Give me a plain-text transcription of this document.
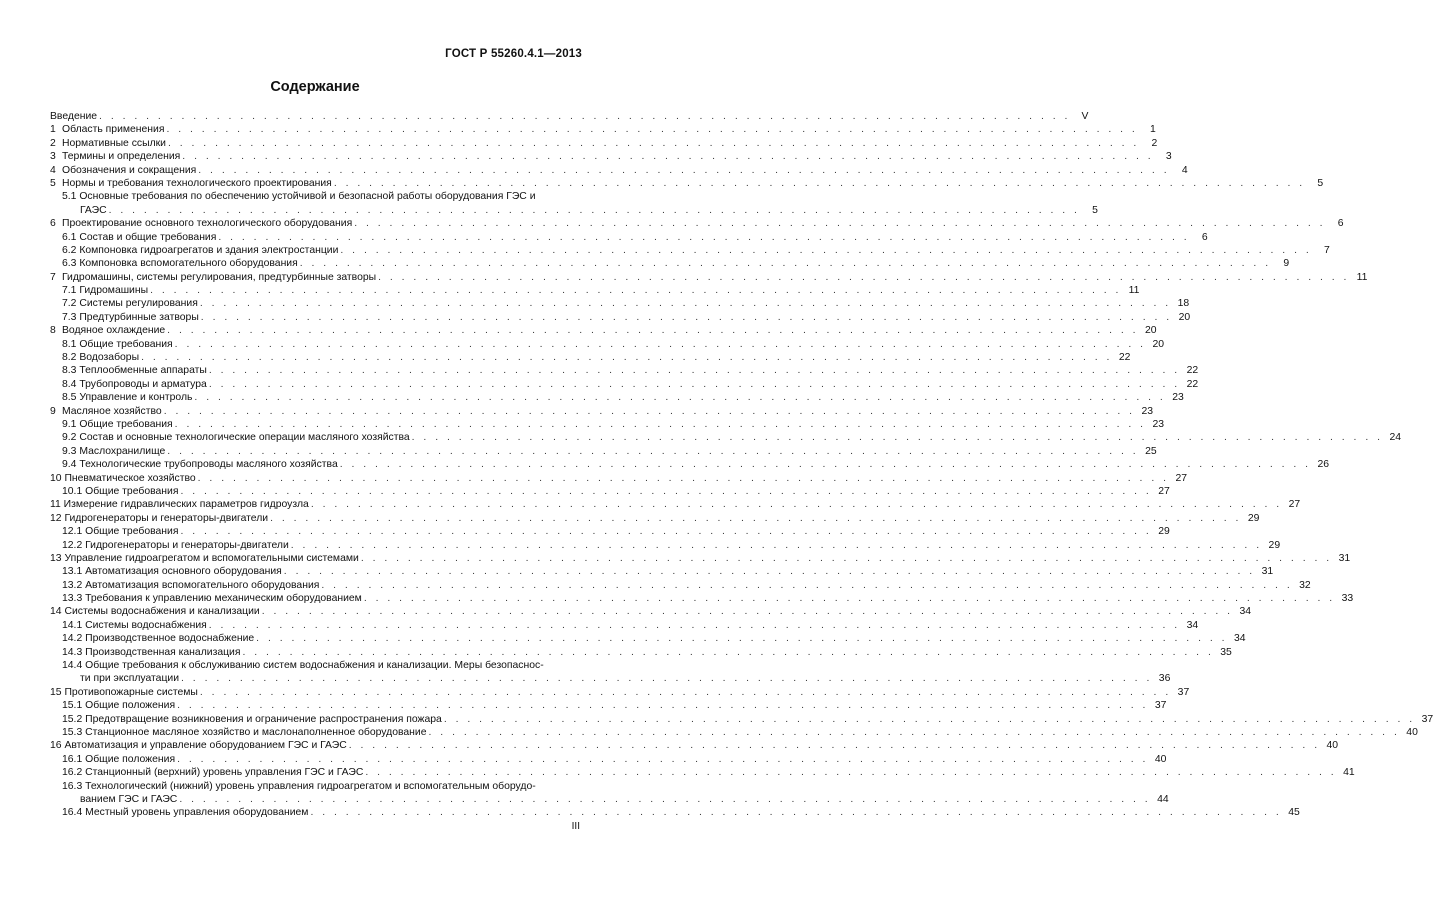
ГОСТ Р 55260.4.1—2013
Содержание
Введение . . . . . . . . . . . . . . . . . . . . . . . . . . . . . . . . . . . . . . . . . . . . . . . . . . . . . . . . . . . . . . . . . . . . . . . . . . . . . . . . . . .	V
1 Область применения . . . . . . . . . . . . . . . . . . . . . . . . . . . . . . . . . . . . . . . . . . . . . . . . . . . . . . . . . . . . . . . . . . . . . . . . . . . . . . . . . . .	1
2 Нормативные ссылки . . . . . . . . . . . . . . . . . . . . . . . . . . . . . . . . . . . . . . . . . . . . . . . . . . . . . . . . . . . . . . . . . . . . . . . . . . . . . . . . . . .	2
3 Термины и определения . . . . . . . . . . . . . . . . . . . . . . . . . . . . . . . . . . . . . . . . . . . . . . . . . . . . . . . . . . . . . . . . . . . . . . . . . . . . . . . . . . .	3
4 Обозначения и сокращения . . . . . . . . . . . . . . . . . . . . . . . . . . . . . . . . . . . . . . . . . . . . . . . . . . . . . . . . . . . . . . . . . . . . . . . . . . . . . . . . . . .	4
5 Нормы и требования технологического проектирования . . . . . . . . . . . . . . . . . . . . . . . . . . . . . . . . . . . . . . . . . . . . . . . . . . . . . . . . . . . . . . . . . . . . . . . . . . . . . . . . . . .	5
5.1 Основные требования по обеспечению устойчивой и безопасной работы оборудования ГЭС и
ГАЭС . . . . . . . . . . . . . . . . . . . . . . . . . . . . . . . . . . . . . . . . . . . . . . . . . . . . . . . . . . . . . . . . . . . . . . . . . . . . . . . . . . .	5
6 Проектирование основного технологического оборудования . . . . . . . . . . . . . . . . . . . . . . . . . . . . . . . . . . . . . . . . . . . . . . . . . . . . . . . . . . . . . . . . . . . . . . . . . . . . . . . . . . .	6
6.1 Состав и общие требования . . . . . . . . . . . . . . . . . . . . . . . . . . . . . . . . . . . . . . . . . . . . . . . . . . . . . . . . . . . . . . . . . . . . . . . . . . . . . . . . . . .	6
6.2 Компоновка гидроагрегатов и здания электростанции . . . . . . . . . . . . . . . . . . . . . . . . . . . . . . . . . . . . . . . . . . . . . . . . . . . . . . . . . . . . . . . . . . . . . . . . . . . . . . . . . . .	7
6.3 Компоновка вспомогательного оборудования . . . . . . . . . . . . . . . . . . . . . . . . . . . . . . . . . . . . . . . . . . . . . . . . . . . . . . . . . . . . . . . . . . . . . . . . . . . . . . . . . . .	9
7 Гидромашины, системы регулирования, предтурбинные затворы . . . . . . . . . . . . . . . . . . . . . . . . . . . . . . . . . . . . . . . . . . . . . . . . . . . . . . . . . . . . . . . . . . . . . . . . . . . . . . . . . . . 11
7.1 Гидромашины . . . . . . . . . . . . . . . . . . . . . . . . . . . . . . . . . . . . . . . . . . . . . . . . . . . . . . . . . . . . . . . . . . . . . . . . . . . . . . . . . . . 11
7.2 Системы регулирования . . . . . . . . . . . . . . . . . . . . . . . . . . . . . . . . . . . . . . . . . . . . . . . . . . . . . . . . . . . . . . . . . . . . . . . . . . . . . . . . . . . 18
7.3 Предтурбинные затворы . . . . . . . . . . . . . . . . . . . . . . . . . . . . . . . . . . . . . . . . . . . . . . . . . . . . . . . . . . . . . . . . . . . . . . . . . . . . . . . . . . . 20
8 Водяное охлаждение . . . . . . . . . . . . . . . . . . . . . . . . . . . . . . . . . . . . . . . . . . . . . . . . . . . . . . . . . . . . . . . . . . . . . . . . . . . . . . . . . . . 20
8.1 Общие требования . . . . . . . . . . . . . . . . . . . . . . . . . . . . . . . . . . . . . . . . . . . . . . . . . . . . . . . . . . . . . . . . . . . . . . . . . . . . . . . . . . . 20
8.2 Водозаборы . . . . . . . . . . . . . . . . . . . . . . . . . . . . . . . . . . . . . . . . . . . . . . . . . . . . . . . . . . . . . . . . . . . . . . . . . . . . . . . . . . . 22
8.3 Теплообменные аппараты . . . . . . . . . . . . . . . . . . . . . . . . . . . . . . . . . . . . . . . . . . . . . . . . . . . . . . . . . . . . . . . . . . . . . . . . . . . . . . . . . . . 22
8.4 Трубопроводы и арматура . . . . . . . . . . . . . . . . . . . . . . . . . . . . . . . . . . . . . . . . . . . . . . . . . . . . . . . . . . . . . . . . . . . . . . . . . . . . . . . . . . . 22
8.5 Управление и контроль . . . . . . . . . . . . . . . . . . . . . . . . . . . . . . . . . . . . . . . . . . . . . . . . . . . . . . . . . . . . . . . . . . . . . . . . . . . . . . . . . . . 23
9 Масляное хозяйство . . . . . . . . . . . . . . . . . . . . . . . . . . . . . . . . . . . . . . . . . . . . . . . . . . . . . . . . . . . . . . . . . . . . . . . . . . . . . . . . . . . 23
9.1 Общие требования . . . . . . . . . . . . . . . . . . . . . . . . . . . . . . . . . . . . . . . . . . . . . . . . . . . . . . . . . . . . . . . . . . . . . . . . . . . . . . . . . . . 23
9.2 Состав и основные технологические операции масляного хозяйства . . . . . . . . . . . . . . . . . . . . . . . . . . . . . . . . . . . . . . . . . . . . . . . . . . . . . . . . . . . . . . . . . . . . . . . . . . . . . . . . . . . 24
9.3 Маслохранилище . . . . . . . . . . . . . . . . . . . . . . . . . . . . . . . . . . . . . . . . . . . . . . . . . . . . . . . . . . . . . . . . . . . . . . . . . . . . . . . . . . . 25
9.4 Технологические трубопроводы масляного хозяйства . . . . . . . . . . . . . . . . . . . . . . . . . . . . . . . . . . . . . . . . . . . . . . . . . . . . . . . . . . . . . . . . . . . . . . . . . . . . . . . . . . . 26
10 Пневматическое хозяйство . . . . . . . . . . . . . . . . . . . . . . . . . . . . . . . . . . . . . . . . . . . . . . . . . . . . . . . . . . . . . . . . . . . . . . . . . . . . . . . . . . . 27
10.1 Общие требования . . . . . . . . . . . . . . . . . . . . . . . . . . . . . . . . . . . . . . . . . . . . . . . . . . . . . . . . . . . . . . . . . . . . . . . . . . . . . . . . . . . 27
11 Измерение гидравлических параметров гидроузла . . . . . . . . . . . . . . . . . . . . . . . . . . . . . . . . . . . . . . . . . . . . . . . . . . . . . . . . . . . . . . . . . . . . . . . . . . . . . . . . . . . 27
12 Гидрогенераторы и генераторы-двигатели . . . . . . . . . . . . . . . . . . . . . . . . . . . . . . . . . . . . . . . . . . . . . . . . . . . . . . . . . . . . . . . . . . . . . . . . . . . . . . . . . . . 29
12.1 Общие требования . . . . . . . . . . . . . . . . . . . . . . . . . . . . . . . . . . . . . . . . . . . . . . . . . . . . . . . . . . . . . . . . . . . . . . . . . . . . . . . . . . . 29
12.2 Гидрогенераторы и генераторы-двигатели . . . . . . . . . . . . . . . . . . . . . . . . . . . . . . . . . . . . . . . . . . . . . . . . . . . . . . . . . . . . . . . . . . . . . . . . . . . . . . . . . . . 29
13 Управление гидроагрегатом и вспомогательными системами . . . . . . . . . . . . . . . . . . . . . . . . . . . . . . . . . . . . . . . . . . . . . . . . . . . . . . . . . . . . . . . . . . . . . . . . . . . . . . . . . . . 31
13.1 Автоматизация основного оборудования . . . . . . . . . . . . . . . . . . . . . . . . . . . . . . . . . . . . . . . . . . . . . . . . . . . . . . . . . . . . . . . . . . . . . . . . . . . . . . . . . . . 31
13.2 Автоматизация вспомогательного оборудования . . . . . . . . . . . . . . . . . . . . . . . . . . . . . . . . . . . . . . . . . . . . . . . . . . . . . . . . . . . . . . . . . . . . . . . . . . . . . . . . . . . 32
13.3 Требования к управлению механическим оборудованием . . . . . . . . . . . . . . . . . . . . . . . . . . . . . . . . . . . . . . . . . . . . . . . . . . . . . . . . . . . . . . . . . . . . . . . . . . . . . . . . . . . 33
14 Системы водоснабжения и канализации . . . . . . . . . . . . . . . . . . . . . . . . . . . . . . . . . . . . . . . . . . . . . . . . . . . . . . . . . . . . . . . . . . . . . . . . . . . . . . . . . . . 34
14.1 Системы водоснабжения . . . . . . . . . . . . . . . . . . . . . . . . . . . . . . . . . . . . . . . . . . . . . . . . . . . . . . . . . . . . . . . . . . . . . . . . . . . . . . . . . . . 34
14.2 Производственное водоснабжение . . . . . . . . . . . . . . . . . . . . . . . . . . . . . . . . . . . . . . . . . . . . . . . . . . . . . . . . . . . . . . . . . . . . . . . . . . . . . . . . . . . 34
14.3 Производственная канализация . . . . . . . . . . . . . . . . . . . . . . . . . . . . . . . . . . . . . . . . . . . . . . . . . . . . . . . . . . . . . . . . . . . . . . . . . . . . . . . . . . . 35
14.4 Общие требования к обслуживанию систем водоснабжения и канализации. Меры безопаснос-
ти при эксплуатации . . . . . . . . . . . . . . . . . . . . . . . . . . . . . . . . . . . . . . . . . . . . . . . . . . . . . . . . . . . . . . . . . . . . . . . . . . . . . . . . . . . 36
15 Противопожарные системы . . . . . . . . . . . . . . . . . . . . . . . . . . . . . . . . . . . . . . . . . . . . . . . . . . . . . . . . . . . . . . . . . . . . . . . . . . . . . . . . . . . 37
15.1 Общие положения . . . . . . . . . . . . . . . . . . . . . . . . . . . . . . . . . . . . . . . . . . . . . . . . . . . . . . . . . . . . . . . . . . . . . . . . . . . . . . . . . . . 37
15.2 Предотвращение возникновения и ограничение распространения пожара . . . . . . . . . . . . . . . . . . . . . . . . . . . . . . . . . . . . . . . . . . . . . . . . . . . . . . . . . . . . . . . . . . . . . . . . . . . . . . . . . . . 37
15.3 Станционное масляное хозяйство и маслонаполненное оборудование . . . . . . . . . . . . . . . . . . . . . . . . . . . . . . . . . . . . . . . . . . . . . . . . . . . . . . . . . . . . . . . . . . . . . . . . . . . . . . . . . . . 40
16 Автоматизация и управление оборудованием ГЭС и ГАЭС . . . . . . . . . . . . . . . . . . . . . . . . . . . . . . . . . . . . . . . . . . . . . . . . . . . . . . . . . . . . . . . . . . . . . . . . . . . . . . . . . . . 40
16.1 Общие положения . . . . . . . . . . . . . . . . . . . . . . . . . . . . . . . . . . . . . . . . . . . . . . . . . . . . . . . . . . . . . . . . . . . . . . . . . . . . . . . . . . . 40
16.2 Станционный (верхний) уровень управления ГЭС и ГАЭС . . . . . . . . . . . . . . . . . . . . . . . . . . . . . . . . . . . . . . . . . . . . . . . . . . . . . . . . . . . . . . . . . . . . . . . . . . . . . . . . . . . 41
16.3 Технологический (нижний) уровень управления гидроагрегатом и вспомогательным оборудо-
ванием ГЭС и ГАЭС . . . . . . . . . . . . . . . . . . . . . . . . . . . . . . . . . . . . . . . . . . . . . . . . . . . . . . . . . . . . . . . . . . . . . . . . . . . . . . . . . . . 44
16.4 Местный уровень управления оборудованием . . . . . . . . . . . . . . . . . . . . . . . . . . . . . . . . . . . . . . . . . . . . . . . . . . . . . . . . . . . . . . . . . . . . . . . . . . . . . . . . . . . 45
III
